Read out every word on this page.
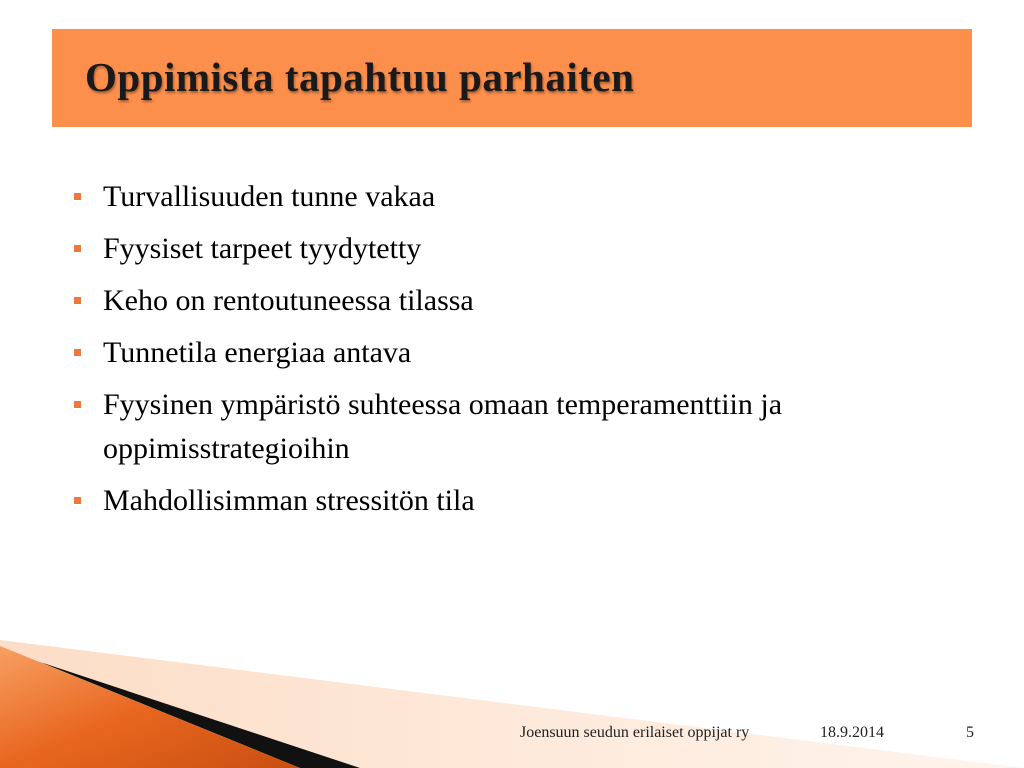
Oppimista tapahtuu parhaiten
Turvallisuuden tunne vakaa
Fyysiset tarpeet tyydytetty
Keho on rentoutuneessa tilassa
Tunnetila energiaa antava
Fyysinen ympäristö suhteessa omaan temperamenttiin ja oppimisstrategioihin
Mahdollisimman stressitön tila
Joensuun seudun erilaiset oppijat ry	18.9.2014	5
